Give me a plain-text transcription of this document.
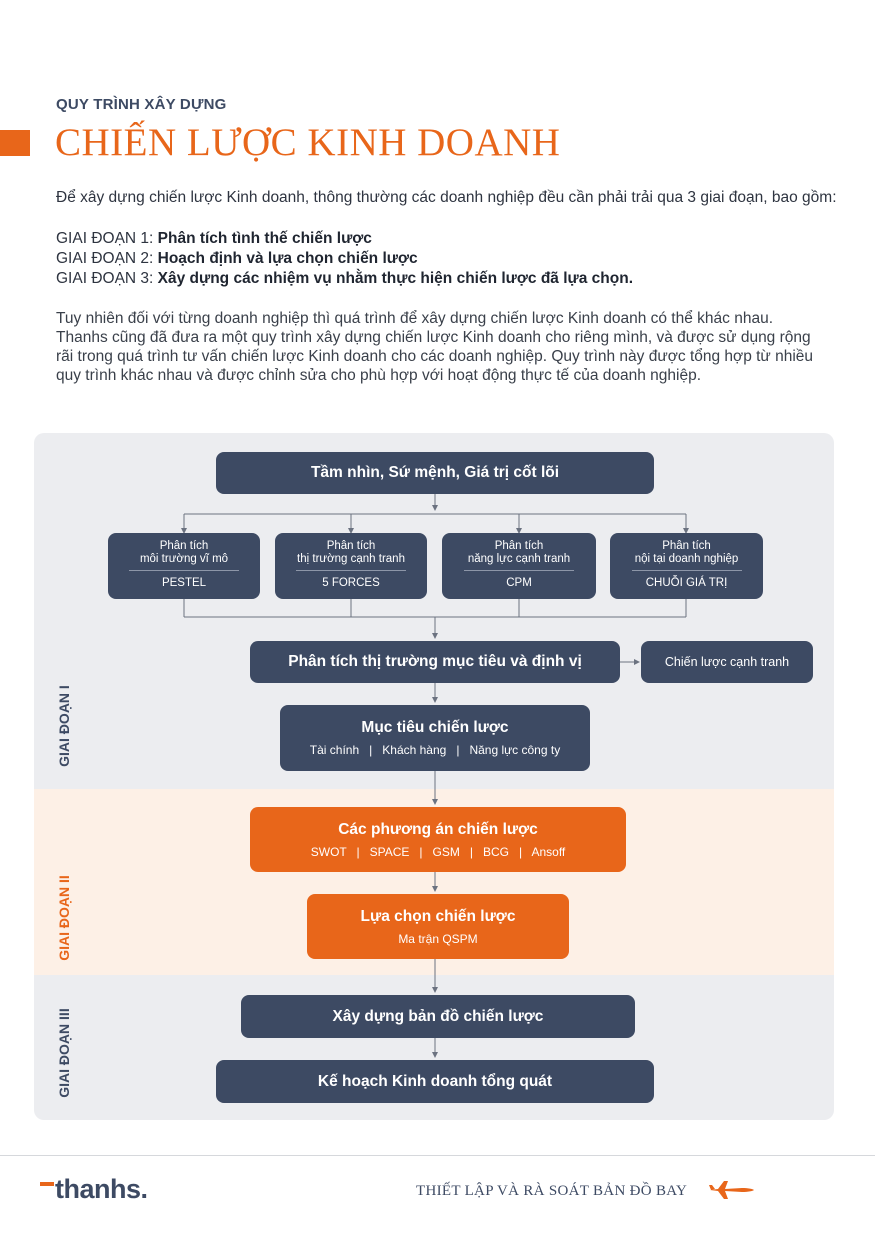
QUY TRÌNH XÂY DỰNG
CHIẾN LƯỢC KINH DOANH
Để xây dựng chiến lược Kinh doanh, thông thường các doanh nghiệp đều cần phải trải qua 3 giai đoạn, bao gồm:
GIAI ĐOẠN 1: Phân tích tình thế chiến lược
GIAI ĐOẠN 2: Hoạch định và lựa chọn chiến lược
GIAI ĐOẠN 3: Xây dựng các nhiệm vụ nhằm thực hiện chiến lược đã lựa chọn.
Tuy nhiên đối với từng doanh nghiệp thì quá trình để xây dựng chiến lược Kinh doanh có thể khác nhau. Thanhs cũng đã đưa ra một quy trình xây dựng chiến lược Kinh doanh cho riêng mình, và được sử dụng rộng rãi trong quá trình tư vấn chiến lược Kinh doanh cho các doanh nghiệp. Quy trình này được tổng hợp từ nhiều quy trình khác nhau và được chỉnh sửa cho phù hợp với hoạt động thực tế của doanh nghiệp.
GIAI ĐOẠN I
GIAI ĐOẠN II
GIAI ĐOẠN III
Tầm nhìn, Sứ mệnh, Giá trị cốt lõi
Phân tích
môi trường vĩ mô
PESTEL
Phân tích
thị trường cạnh tranh
5 FORCES
Phân tích
năng lực cạnh tranh
CPM
Phân tích
nội tại doanh nghiệp
CHUỖI GIÁ TRỊ
Phân tích thị trường mục tiêu và định vị	Chiến lược cạnh tranh
Mục tiêu chiến lược
Tài chính   |   Khách hàng   |   Năng lực công ty
Các phương án chiến lược
SWOT   |   SPACE   |   GSM   |   BCG   |   Ansoff
Lựa chọn chiến lược
Ma trận QSPM
Xây dựng bản đồ chiến lược
Kế hoạch Kinh doanh tổng quát
thanhs.	THIẾT LẬP VÀ RÀ SOÁT BẢN ĐỒ BAY
